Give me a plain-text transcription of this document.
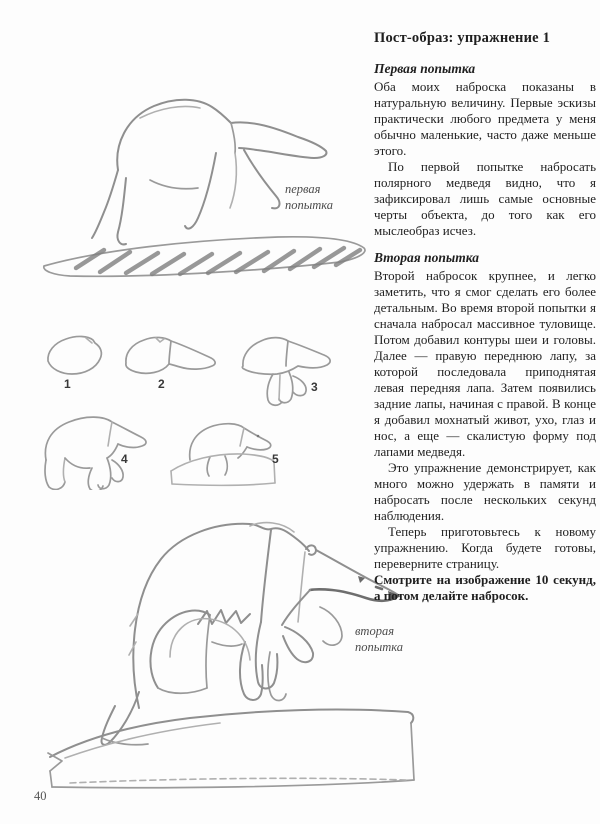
первая попытка
1	2	3
4	5
вторая попытка
Пост-образ: упражнение 1
Первая попытка

Оба моих наброска показаны в натуральную величину. Первые эскизы практически любого предмета у меня обычно маленькие, часто даже меньше этого.

По первой попытке набросать полярного медведя видно, что я зафиксировал лишь самые основные черты объекта, до того как его мыслеобраз исчез.

Вторая попытка

Второй набросок крупнее, и легко заметить, что я смог сделать его более детальным. Во время второй попытки я сначала набросал массивное туловище. Потом добавил контуры шеи и головы. Далее — правую переднюю лапу, за которой последовала приподнятая левая передняя лапа. Затем появились задние лапы, начиная с правой. В конце я добавил мохнатый живот, ухо, глаз и нос, а еще — скалистую форму под лапами медведя.

Это упражнение демонстрирует, как много можно удержать в памяти и набросать после нескольких секунд наблюдения.

Теперь приготовьтесь к новому упражнению. Когда будете готовы, переверните страницу.

Смотрите на изображение 10 секунд, а потом делайте набросок.

40
